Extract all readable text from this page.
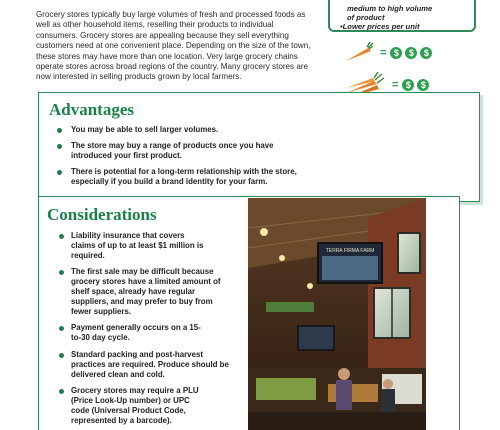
Grocery stores typically buy large volumes of fresh and processed foods as well as other household items, reselling their products to individual consumers. Grocery stores are appealing because they sell everything customers need at one convenient place. Depending on the size of the town, these stores may have more than one location. Very large grocery chains operate stores across broad regions of the country. Many grocery stores are now interested in selling products grown by local farmers.
medium to high volume
of product
• Lower prices per unit
= $	$	$
= $	$
Advantages
You may be able to sell larger volumes.
The store may buy a range of products once you have introduced your first product.
There is potential for a long-term relationship with the store, especially if you build a brand identity for your farm.
Considerations
Liability insurance that covers claims of up to at least $1 million is required.
The first sale may be difficult because grocery stores have a limited amount of shelf space, already have regular suppliers, and may prefer to buy from fewer suppliers.
Payment generally occurs on a 15-to-30 day cycle.
Standard packing and post-harvest practices are required. Produce should be delivered clean and cold.
Grocery stores may require a PLU (Price Look-Up number) or UPC code (Universal Product Code, represented by a barcode).
TERRA FIRMA FARM
